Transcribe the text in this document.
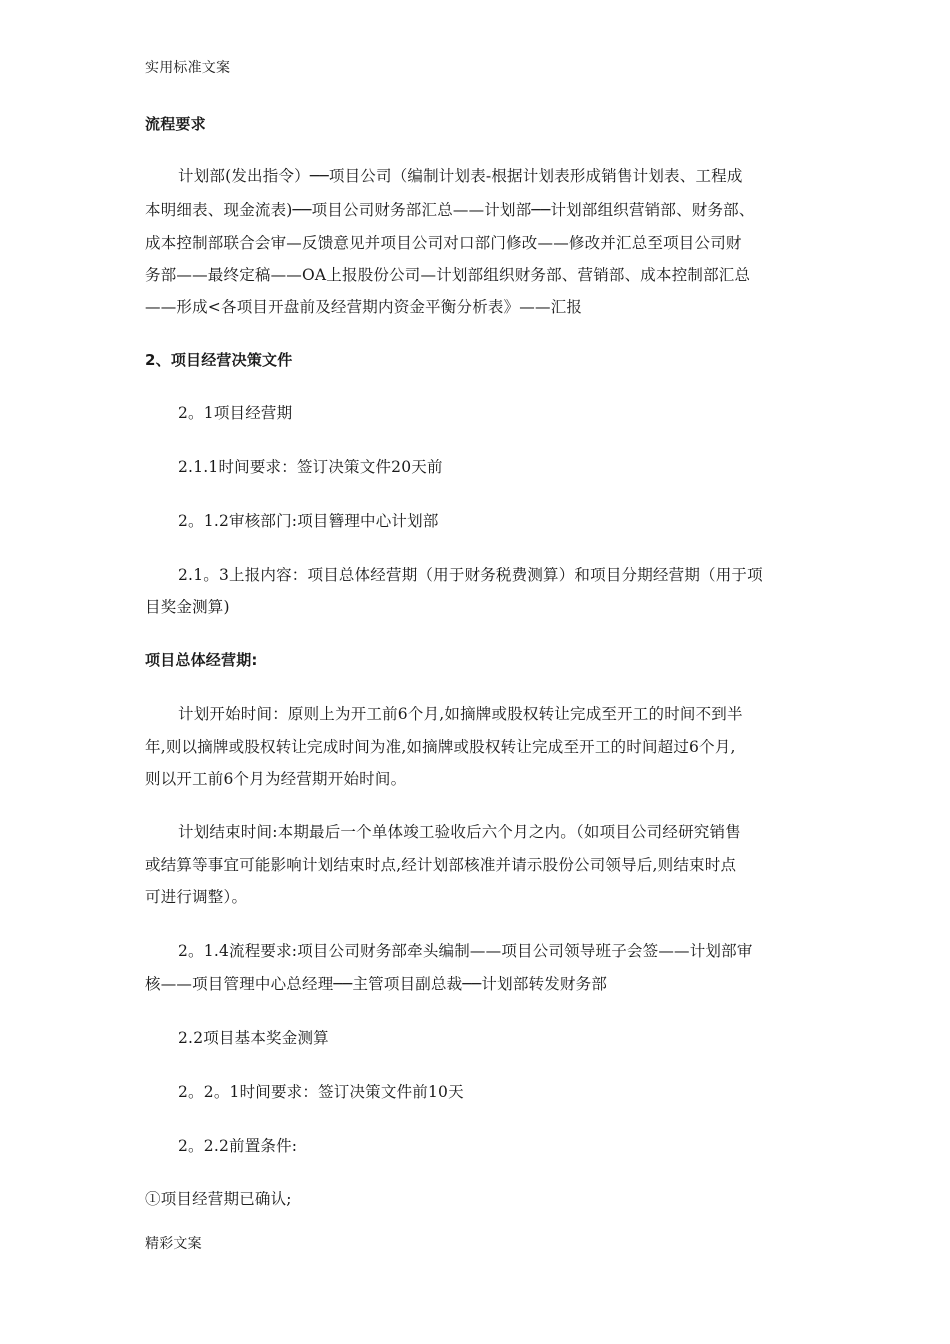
实用标准文案
流程要求
计划部(发出指令）──项目公司（编制计划表-根据计划表形成销售计划表、工程成
本明细表、现金流表)──项目公司财务部汇总——计划部──计划部组织营销部、财务部、
成本控制部联合会审—反馈意见并项目公司对口部门修改——修改并汇总至项目公司财
务部——最终定稿——OA上报股份公司—计划部组织财务部、营销部、成本控制部汇总
——形成<各项目开盘前及经营期内资金平衡分析表》——汇报
2、项目经营决策文件
2。1项目经营期
2.1.1时间要求：签订决策文件20天前
2。1.2审核部门:项目簪理中心计划部
2.1。3上报内容：项目总体经营期（用于财务税费测算）和项目分期经营期（用于项
目奖金测算)
项目总体经营期:
计划开始时间：原则上为开工前6个月,如摘牌或股权转让完成至开工的时间不到半
年,则以摘牌或股权转让完成时间为准,如摘牌或股权转让完成至开工的时间超过6个月,
则以开工前6个月为经营期开始时间。
计划结束时间:本期最后一个单体竣工验收后六个月之内。（如项目公司经研究销售
或结算等事宜可能影响计划结束时点,经计划部核准并请示股份公司领导后,则结束时点
可进行调整）。
2。1.4流程要求:项目公司财务部牵头编制——项目公司领导班子会签——计划部审
核——项目管理中心总经理──主管项目副总裁──计划部转发财务部
2.2项目基本奖金测算
2。2。1时间要求：签订决策文件前10天
2。2.2前置条件:
①项目经营期已确认;
精彩文案
